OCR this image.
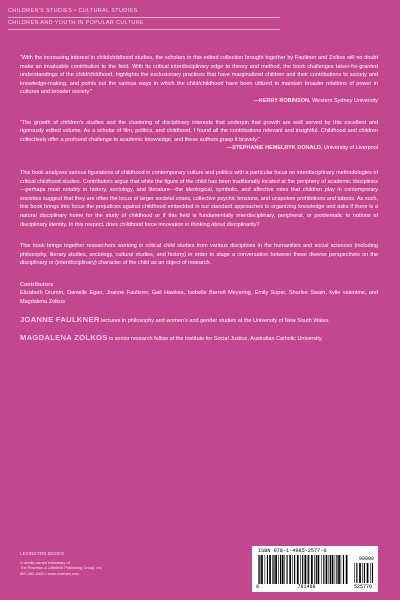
CHILDREN'S STUDIES • CULTURAL STUDIES
CHILDREN AND YOUTH IN POPULAR CULTURE

“With the increasing interest in child/childhood studies, the scholars in this edited collection brought together by Faulkner and Zolkos will no doubt make an invaluable contribution to the field. With its critical interdisciplinary edge to theory and method, the book challenges taken-for-granted understandings of the child/childhood, highlights the exclusionary practices that have marginalized children and their contributions to society and knowledge-making, and points out the various ways in which the child/childhood have been utilized to maintain broader relations of power in cultures and broader society.”

—KERRY ROBINSON, Western Sydney University

“The growth of children’s studies and the clustering of disciplinary interests that underpin that growth are well served by this excellent and rigorously edited volume. As a scholar of film, politics, and childhood, I found all the contributions relevant and insightful. Childhood and children collectively offer a profound challenge to academic knowledge, and these authors grasp it bravely.”

—STEPHANIE HEMELRYK DONALD, University of Liverpool

This book analyzes various figurations of childhood in contemporary culture and politics with a particular focus on interdisciplinary methodologies of critical childhood studies. Contributors argue that while the figure of the child has been traditionally located at the periphery of academic disciplines—perhaps most notably in history, sociology, and literature—the ideological, symbolic, and affective roles that children play in contemporary societies suggest that they are often the locus of larger societal crises, collective psychic tensions, and unspoken prohibitions and taboos. As such, this book brings into focus the prejudices against childhood embedded in our standard approaches to organizing knowledge and asks if there is a natural disciplinary home for the study of childhood or if this field is fundamentally interdisciplinary, peripheral, or problematic to notions of disciplinary identity. In this respect, does childhood force innovation in thinking about disciplinarity?

This book brings together researchers working in critical child studies from various disciplines in the humanities and social sciences (including philosophy, literary studies, sociology, cultural studies, and history) in order to stage a conversation between these diverse perspectives on the disciplinary or (interdisciplinary) character of the child as an object of research.

Contributors

Elizabeth Drumm, Danielle Egan, Joanne Faulkner, Gail Hawkes, Isobelle Barrett Meyering, Emily Soper, Shurlee Swain, kylie valentine, and Magdalena Zolkos

JOANNE FAULKNER lectures in philosophy and women’s and gender studies at the University of New South Wales.

MAGDALENA ZOLKOS is senior research fellow at the Institute for Social Justice, Australian Catholic University.

LEXINGTON BOOKS
A wholly owned subsidiary of
The Rowman & Littlefield Publishing Group, Inc.
800-462-6420 • www.rowman.com
ISBN 978-1-4985-2577-0
90000
9	781498	525770
